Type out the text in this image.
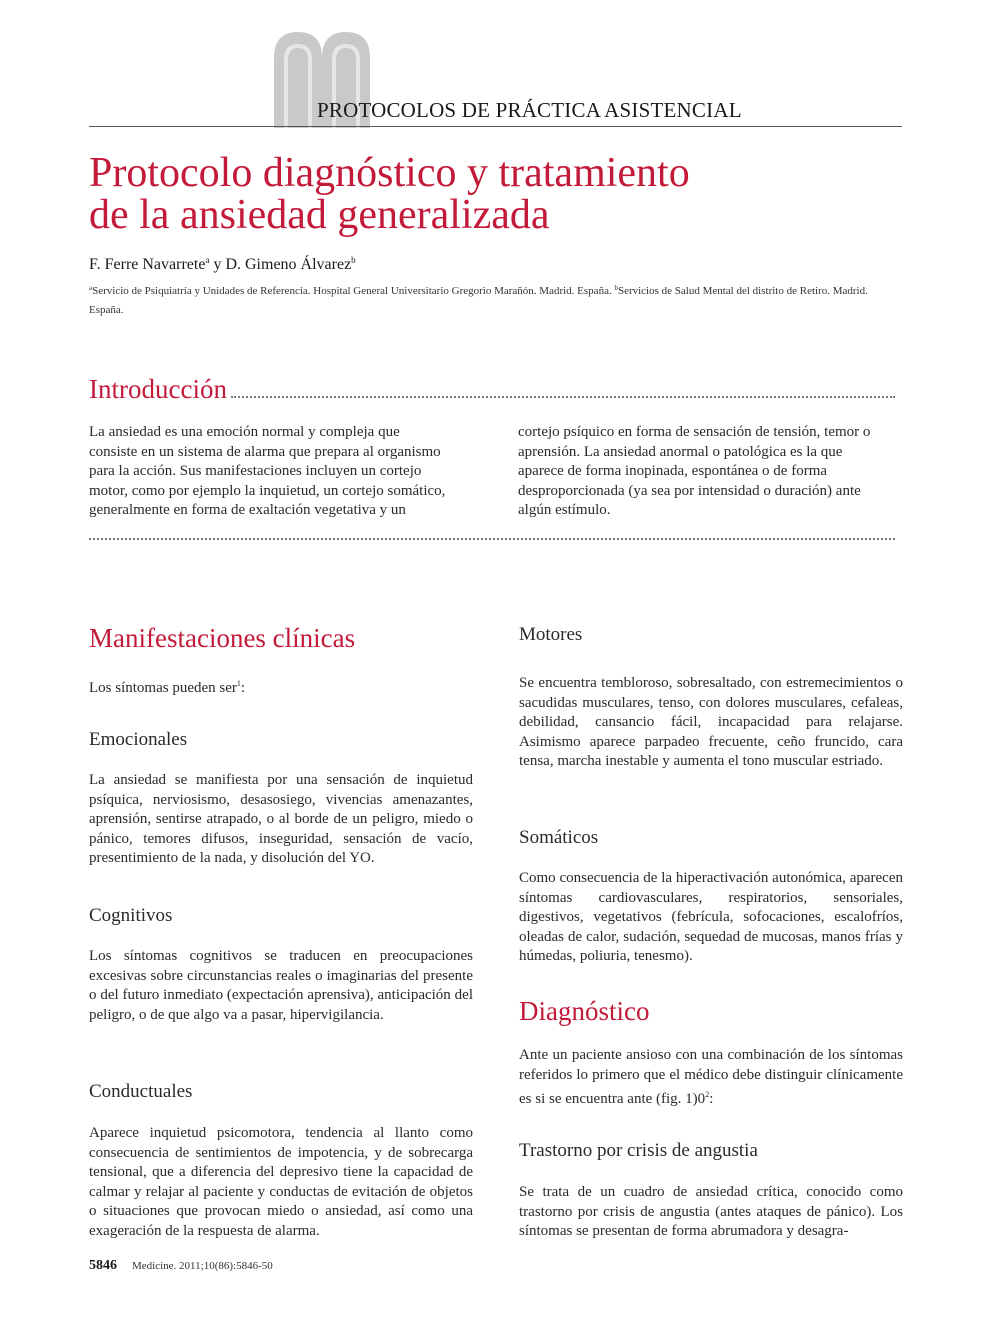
PROTOCOLOS DE PRÁCTICA ASISTENCIAL
Protocolo diagnóstico y tratamiento
de la ansiedad generalizada
F. Ferre Navarrete$^a$ y D. Gimeno Álvarez$^b$
$^a$Servicio de Psiquiatría y Unidades de Referencia. Hospital General Universitario Gregorio Marañón. Madrid. España. $^b$Servicios de Salud Mental del distrito de Retiro. Madrid. España.
Introducción
La ansiedad es una emoción normal y compleja que
consiste en un sistema de alarma que prepara al organismo
para la acción. Sus manifestaciones incluyen un cortejo
motor, como por ejemplo la inquietud, un cortejo somático,
generalmente en forma de exaltación vegetativa y un
cortejo psíquico en forma de sensación de tensión, temor o
aprensión. La ansiedad anormal o patológica es la que
aparece de forma inopinada, espontánea o de forma
desproporcionada (ya sea por intensidad o duración) ante
algún estímulo.
Manifestaciones clínicas
Los síntomas pueden ser$^1$:
Emocionales
La ansiedad se manifiesta por una sensación de inquietud psíquica, nerviosismo, desasosiego, vivencias amenazantes, aprensión, sentirse atrapado, o al borde de un peligro, miedo o pánico, temores difusos, inseguridad, sensación de vacío, presentimiento de la nada, y disolución del YO.
Cognitivos
Los síntomas cognitivos se traducen en preocupaciones excesivas sobre circunstancias reales o imaginarias del presente o del futuro inmediato (expectación aprensiva), anticipación del peligro, o de que algo va a pasar, hipervigilancia.
Conductuales
Aparece inquietud psicomotora, tendencia al llanto como consecuencia de sentimientos de impotencia, y de sobrecarga tensional, que a diferencia del depresivo tiene la capacidad de calmar y relajar al paciente y conductas de evitación de objetos o situaciones que provocan miedo o ansiedad, así como una exageración de la respuesta de alarma.
Motores
Se encuentra tembloroso, sobresaltado, con estremecimientos o sacudidas musculares, tenso, con dolores musculares, cefaleas, debilidad, cansancio fácil, incapacidad para relajarse. Asimismo aparece parpadeo frecuente, ceño fruncido, cara tensa, marcha inestable y aumenta el tono muscular estriado.
Somáticos
Como consecuencia de la hiperactivación autonómica, aparecen síntomas cardiovasculares, respiratorios, sensoriales, digestivos, vegetativos (febrícula, sofocaciones, escalofríos, oleadas de calor, sudación, sequedad de mucosas, manos frías y húmedas, poliuria, tenesmo).
Diagnóstico
Ante un paciente ansioso con una combinación de los síntomas referidos lo primero que el médico debe distinguir clínicamente es si se encuentra ante (fig. $1)0^2$:
Trastorno por crisis de angustia
Se trata de un cuadro de ansiedad crítica, conocido como trastorno por crisis de angustia (antes ataques de pánico). Los síntomas se presentan de forma abrumadora y desagra-
5846 Medicine. 2011;10(86):5846-50
